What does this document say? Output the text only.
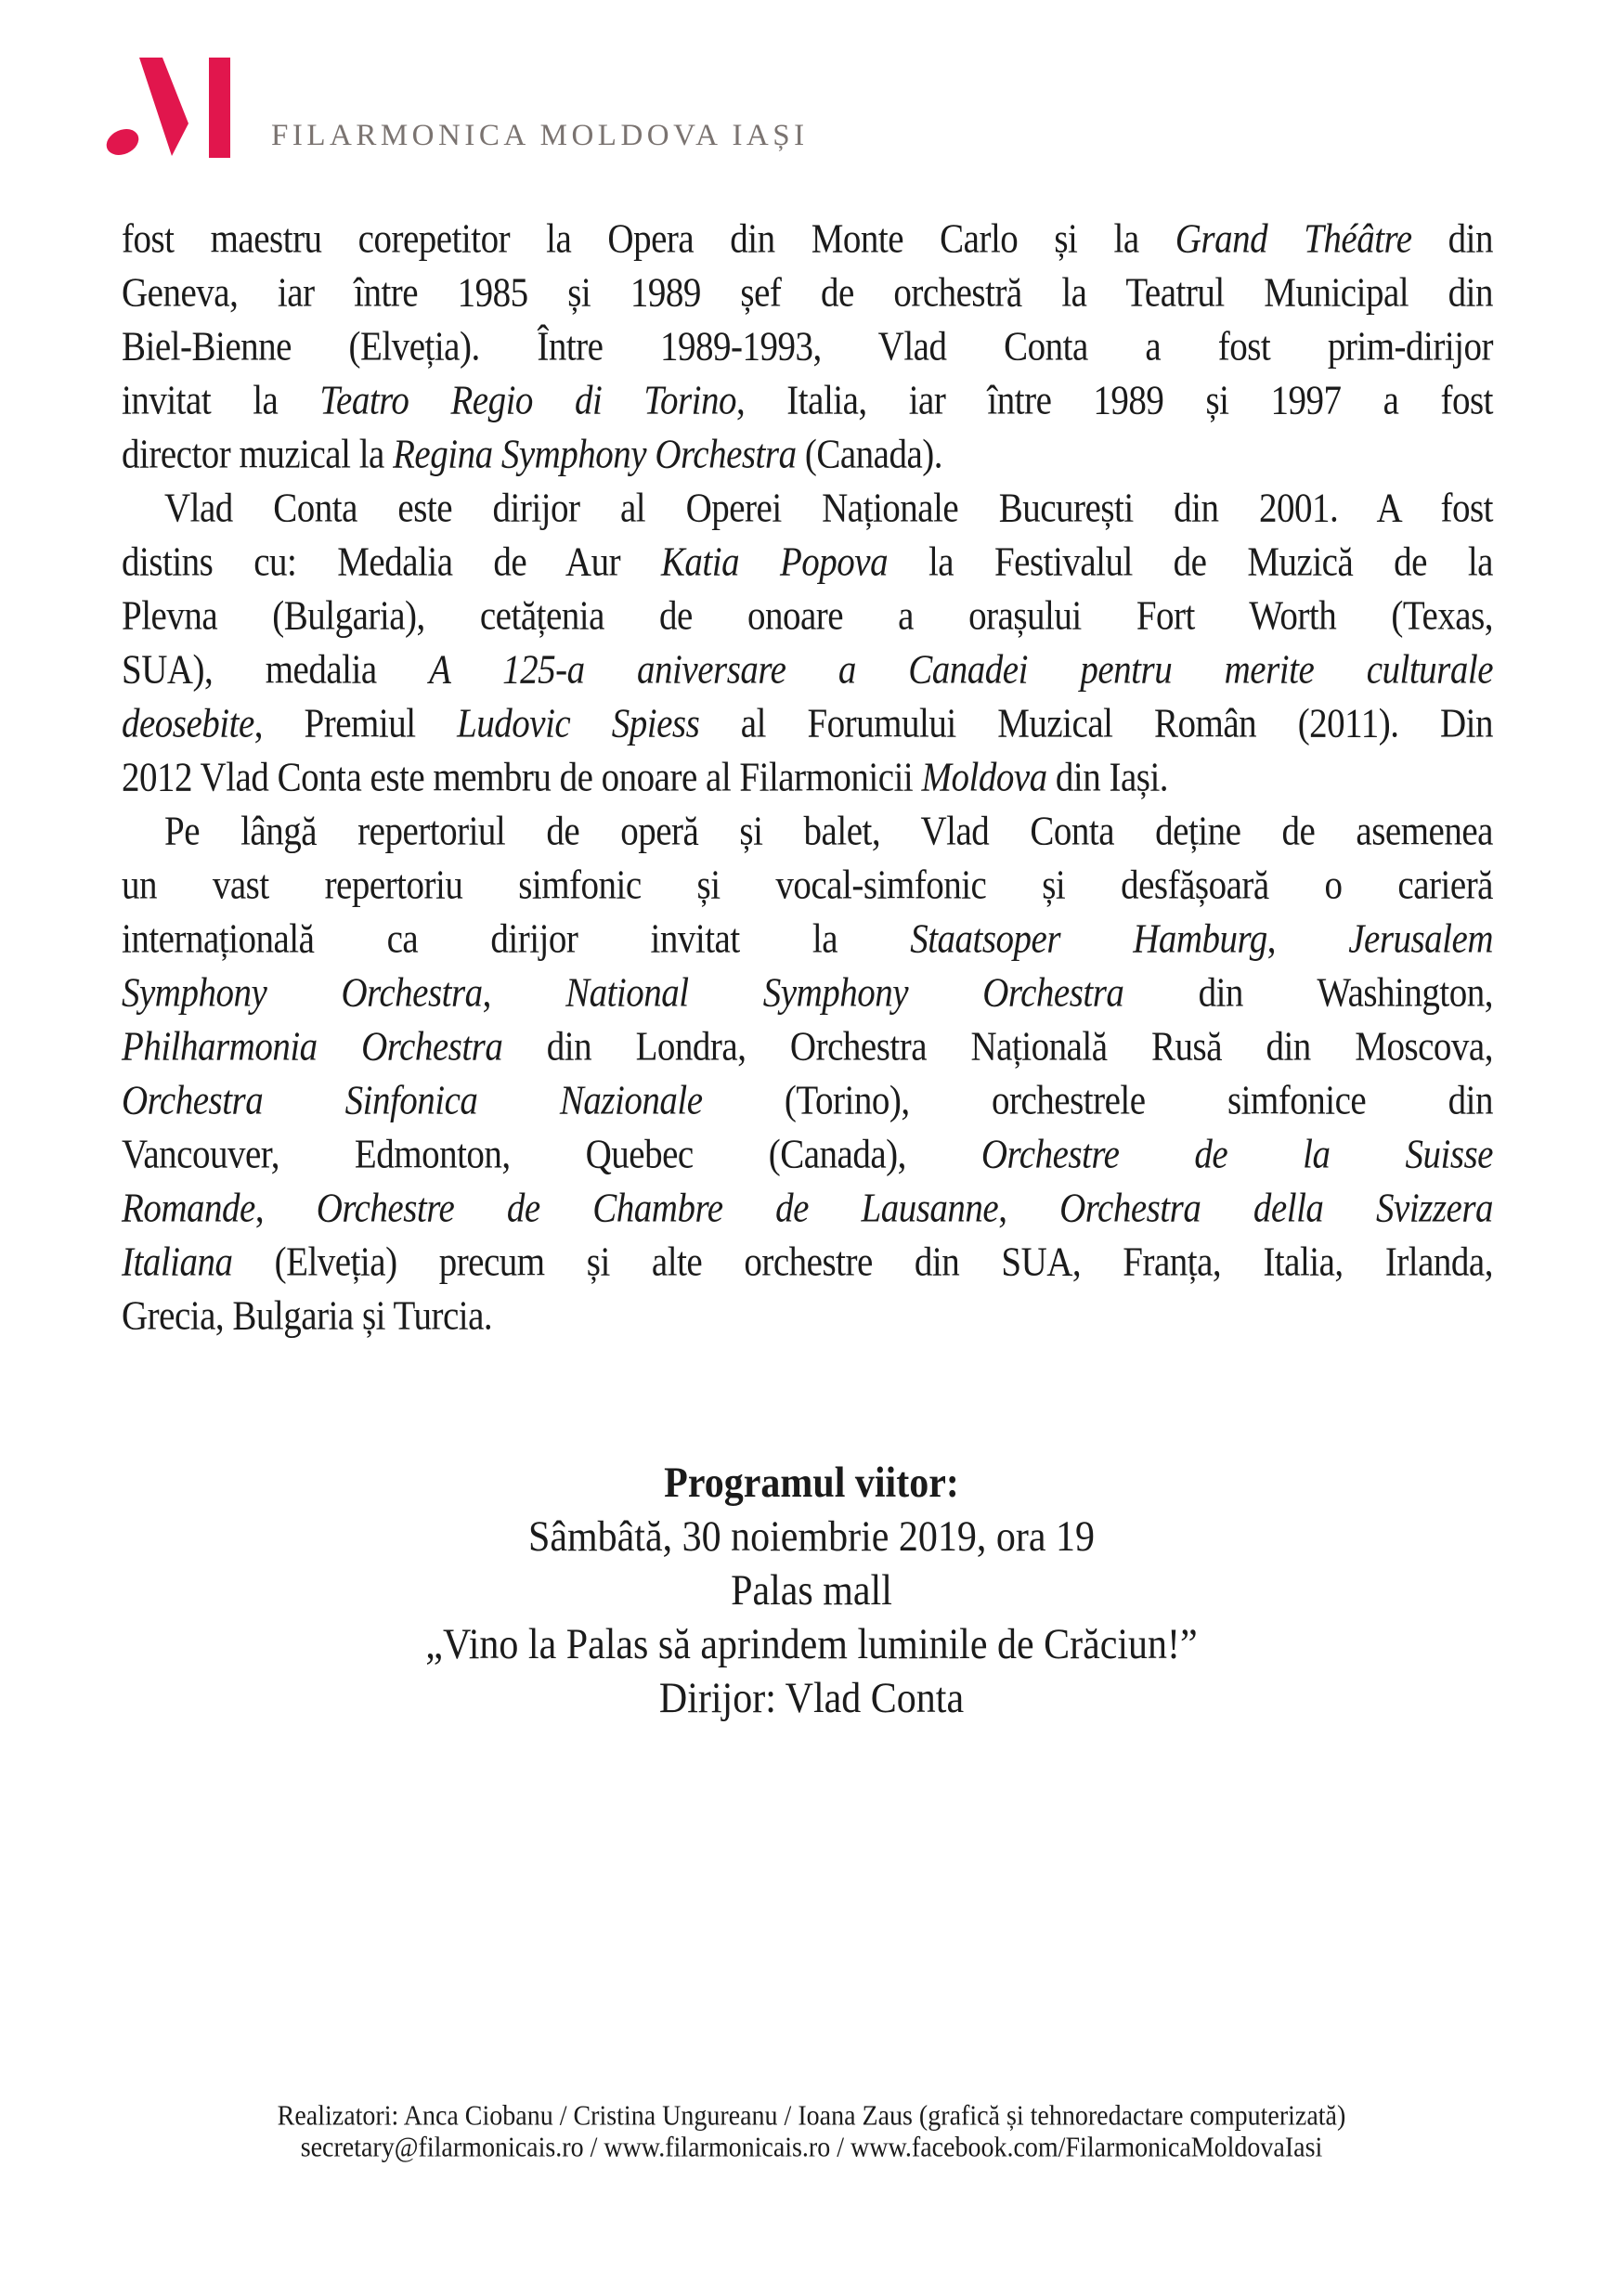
FILARMONICA MOLDOVA IAȘI
fost maestru corepetitor la Opera din Monte Carlo și la Grand Théâtre din
Geneva, iar între 1985 și 1989 șef de orchestră la Teatrul Municipal din
Biel-Bienne (Elveția). Între 1989-1993, Vlad Conta a fost prim-dirijor
invitat la Teatro Regio di Torino, Italia, iar între 1989 și 1997 a fost
director muzical la Regina Symphony Orchestra (Canada).
Vlad Conta este dirijor al Operei Naționale București din 2001. A fost
distins cu: Medalia de Aur Katia Popova la Festivalul de Muzică de la
Plevna (Bulgaria), cetățenia de onoare a orașului Fort Worth (Texas,
SUA), medalia A 125-a aniversare a Canadei pentru merite culturale
deosebite, Premiul Ludovic Spiess al Forumului Muzical Român (2011). Din
2012 Vlad Conta este membru de onoare al Filarmonicii Moldova din Iași.
Pe lângă repertoriul de operă și balet, Vlad Conta deține de asemenea
un vast repertoriu simfonic și vocal-simfonic și desfășoară o carieră
internațională ca dirijor invitat la Staatsoper Hamburg, Jerusalem
Symphony Orchestra, National Symphony Orchestra din Washington,
Philharmonia Orchestra din Londra, Orchestra Națională Rusă din Moscova,
Orchestra Sinfonica Nazionale (Torino), orchestrele simfonice din
Vancouver, Edmonton, Quebec (Canada), Orchestre de la Suisse
Romande, Orchestre de Chambre de Lausanne, Orchestra della Svizzera
Italiana (Elveția) precum și alte orchestre din SUA, Franța, Italia, Irlanda,
Grecia, Bulgaria și Turcia.
Programul viitor:
Sâmbâtă, 30 noiembrie 2019, ora 19
Palas mall
„Vino la Palas să aprindem luminile de Crăciun!”
Dirijor: Vlad Conta
Realizatori: Anca Ciobanu / Cristina Ungureanu / Ioana Zaus (grafică și tehnoredactare computerizată)
secretary@filarmonicais.ro / www.filarmonicais.ro / www.facebook.com/FilarmonicaMoldovaIasi
